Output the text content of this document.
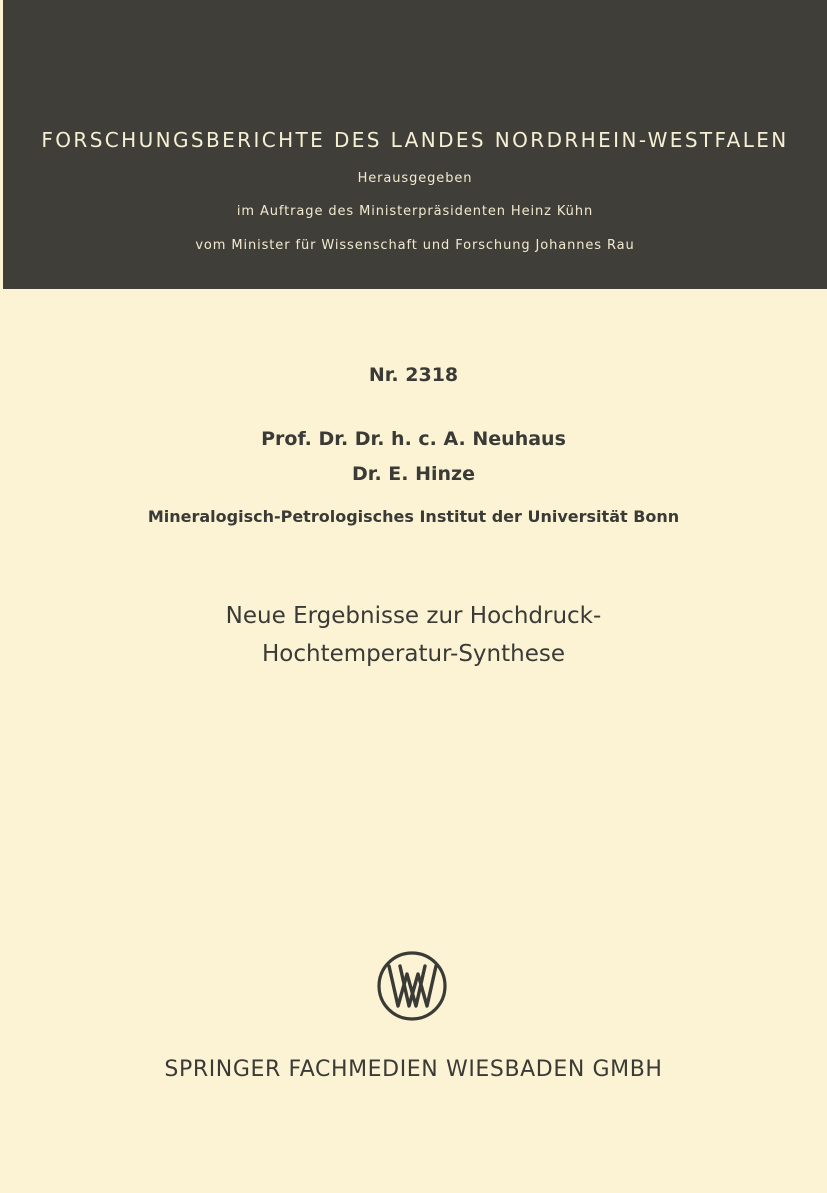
FORSCHUNGSBERICHTE DES LANDES NORDRHEIN-WESTFALEN
Herausgegeben
im Auftrage des Ministerpräsidenten Heinz Kühn
vom Minister für Wissenschaft und Forschung Johannes Rau
Nr. 2318
Prof. Dr. Dr. h. c. A. Neuhaus
Dr. E. Hinze
Mineralogisch-Petrologisches Institut der Universität Bonn
Neue Ergebnisse zur Hochdruck-
Hochtemperatur-Synthese
SPRINGER FACHMEDIEN WIESBADEN GMBH
